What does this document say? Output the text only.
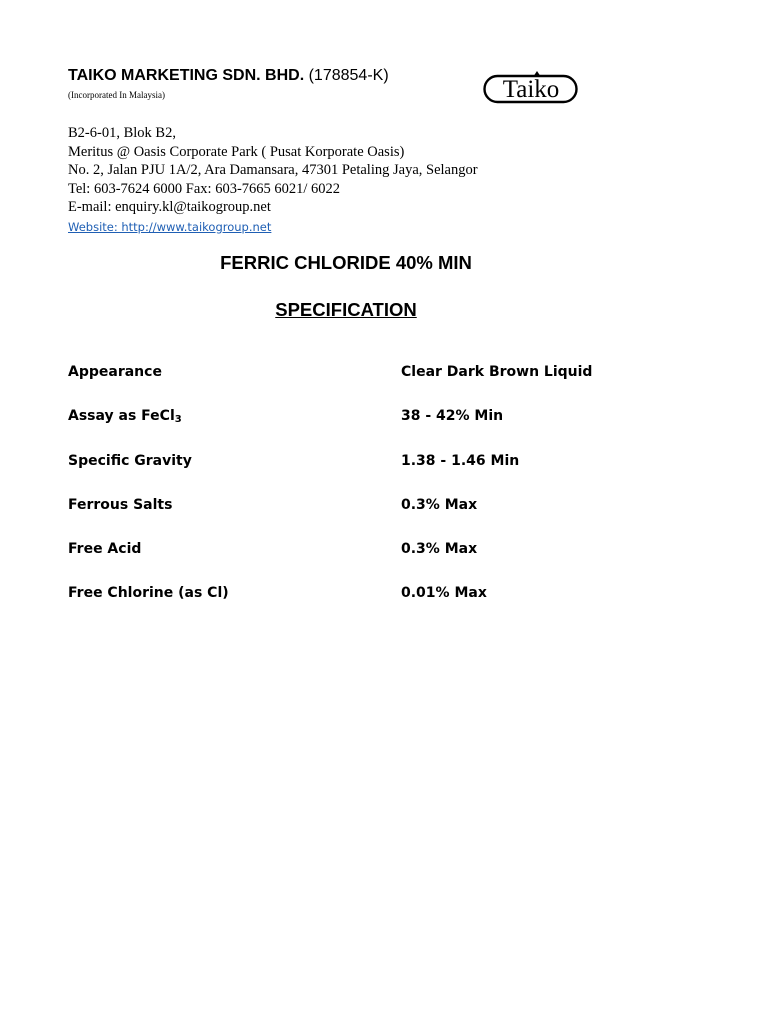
TAIKO MARKETING SDN. BHD. (178854-K)
(Incorporated In Malaysia)	Taiko
B2-6-01, Blok B2,
Meritus @ Oasis Corporate Park ( Pusat Korporate Oasis)
No. 2, Jalan PJU 1A/2, Ara Damansara, 47301 Petaling Jaya, Selangor
Tel: 603-7624 6000 Fax: 603-7665 6021/ 6022
E-mail: enquiry.kl@taikogroup.net
Website: http://www.taikogroup.net
FERRIC CHLORIDE 40% MIN
SPECIFICATION
Appearance	Clear Dark Brown Liquid
Assay as FeCl$_3$	38 - 42% Min
Specific Gravity	1.38 - 1.46 Min
Ferrous Salts	0.3% Max
Free Acid	0.3% Max
Free Chlorine (as Cl)	0.01% Max
